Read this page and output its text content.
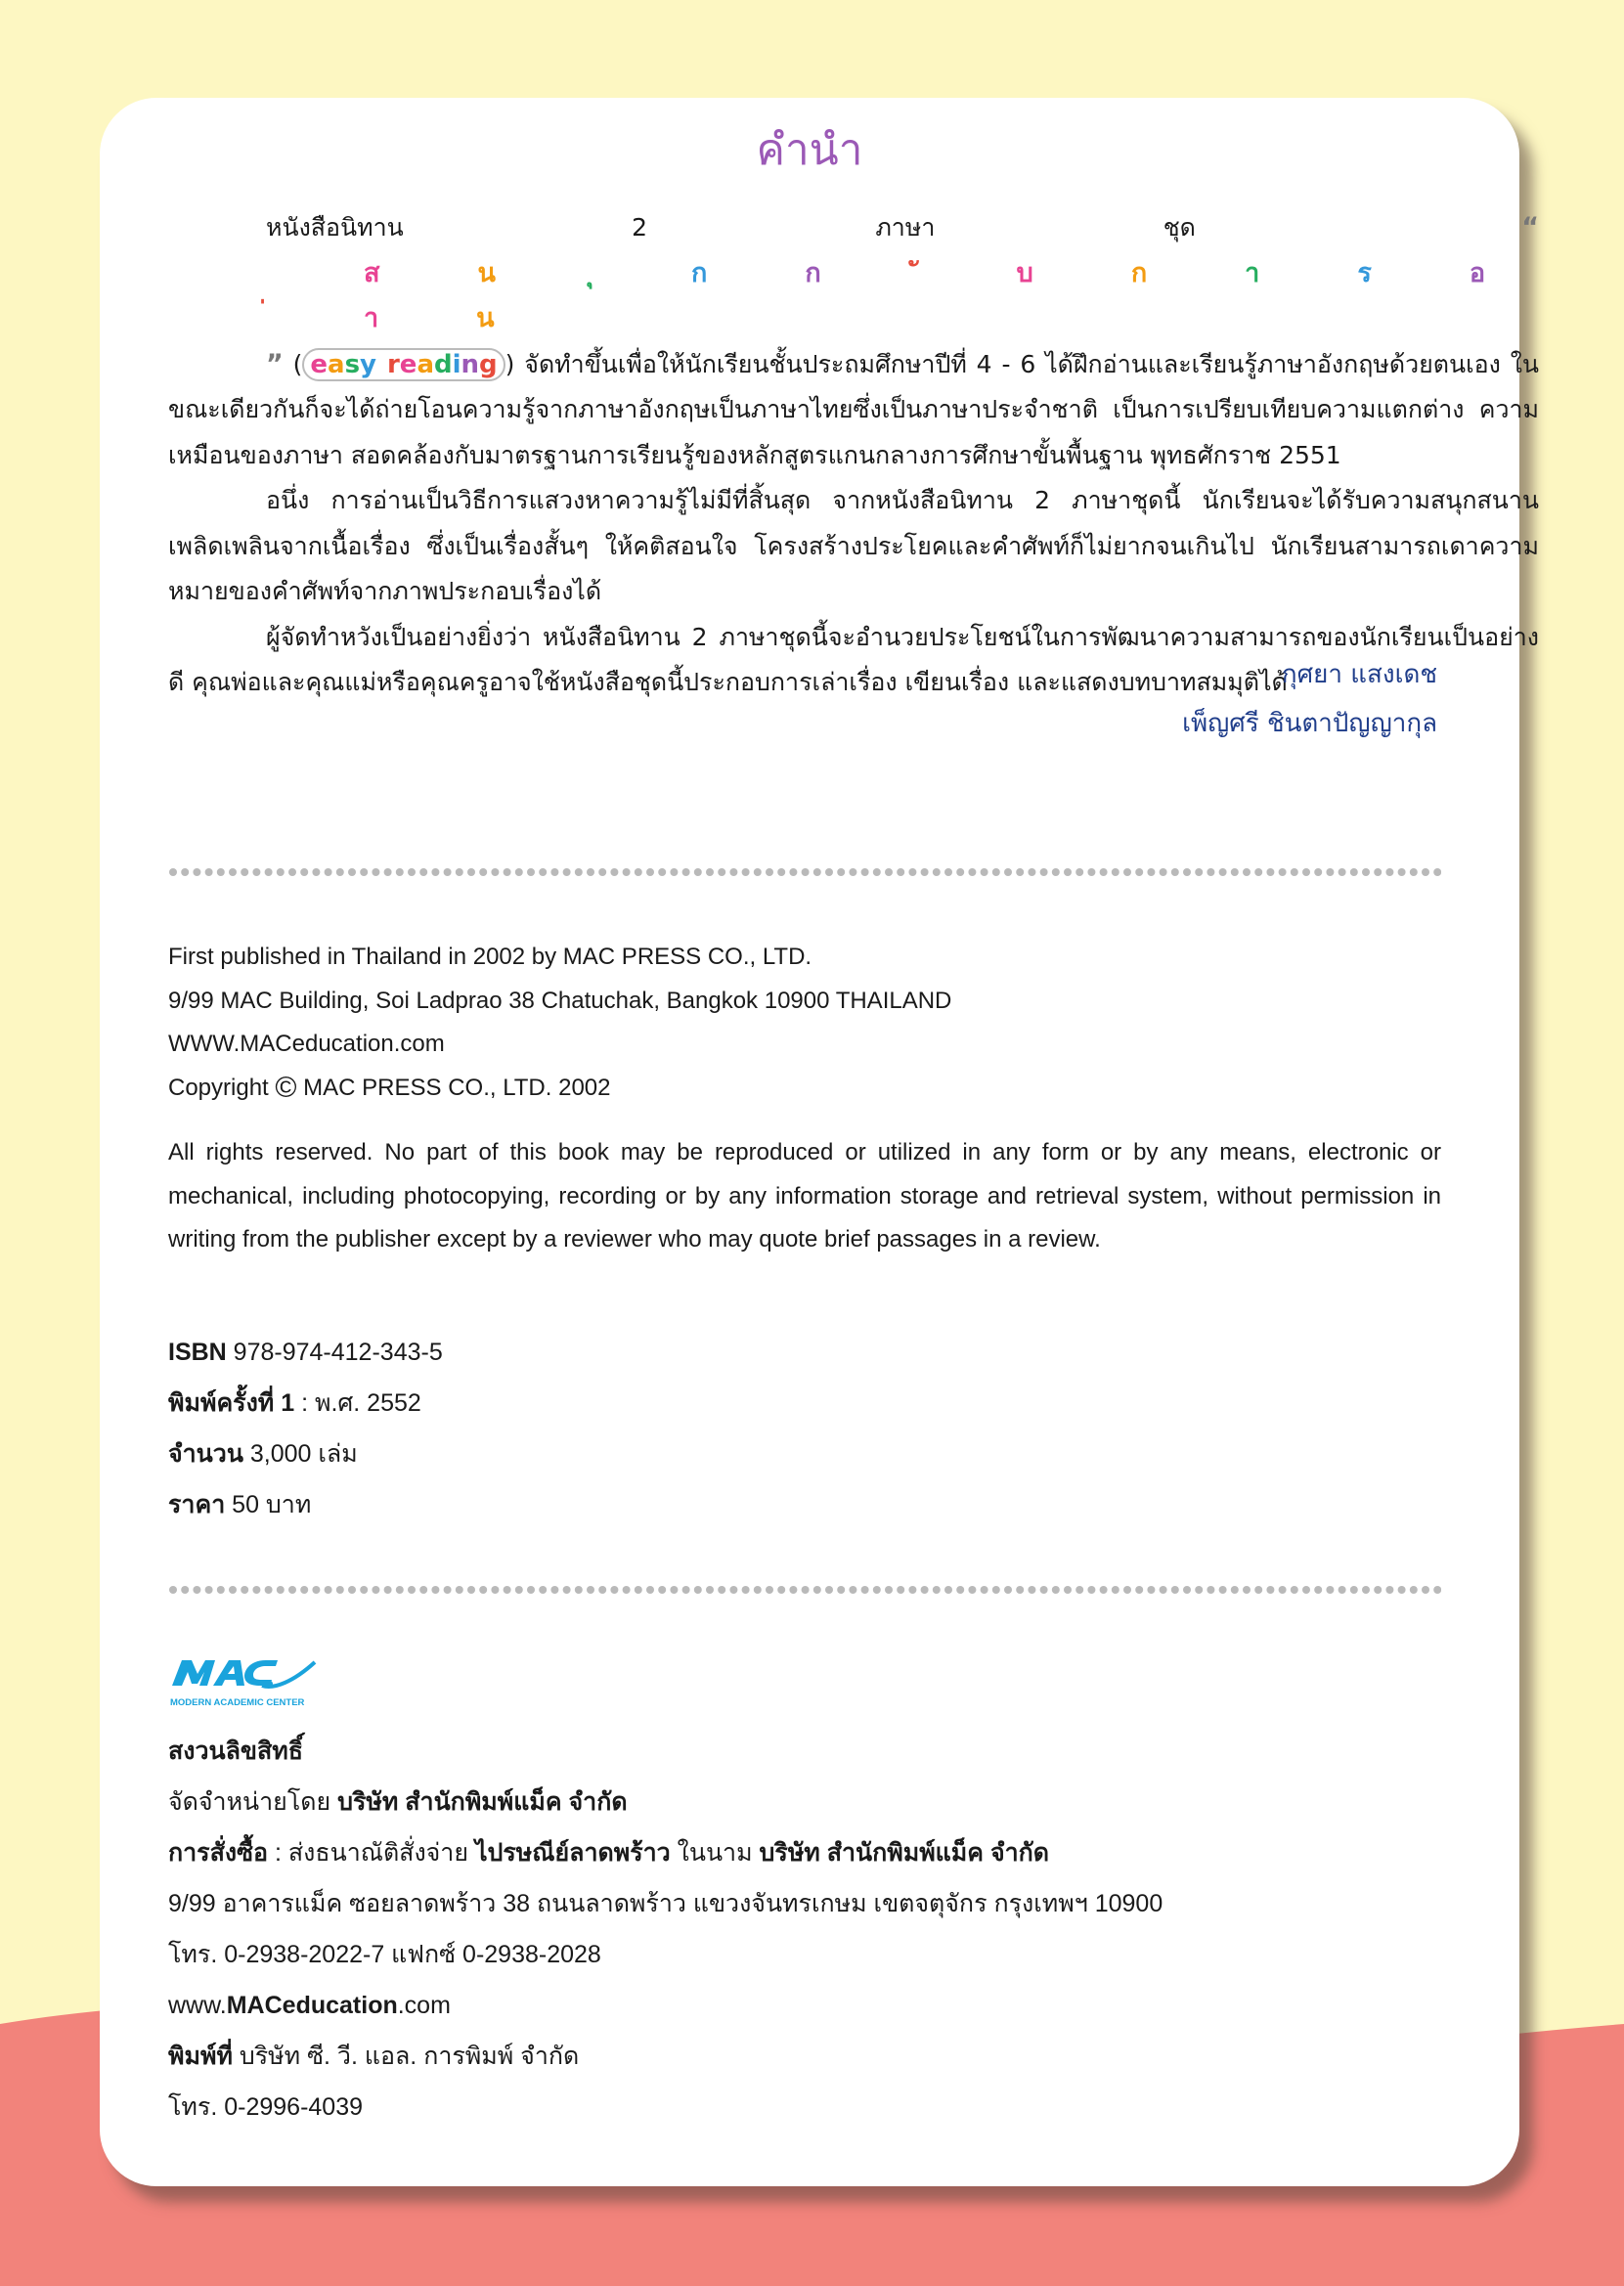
คำนำ

หนังสือนิทาน 2 ภาษา ชุด	“ส	น	ก	ก	บ	ก	า	ร	อา	น” ( easy reading ) จัดทำขึ้นเพื่อให้นักเรียนชั้นประถมศึกษาปีที่ 4 - 6 ได้ฝึกอ่านและเรียนรู้ภาษาอังกฤษด้วยตนเอง ในขณะเดียวกันก็จะได้ถ่ายโอนความรู้จากภาษาอังกฤษเป็นภาษาไทยซึ่งเป็นภาษาประจำชาติ เป็นการเปรียบเทียบความแตกต่าง ความเหมือนของภาษา สอดคล้องกับมาตรฐานการเรียนรู้ของหลักสูตรแกนกลางการศึกษาขั้นพื้นฐาน พุทธศักราช 2551

อนึ่ง การอ่านเป็นวิธีการแสวงหาความรู้ไม่มีที่สิ้นสุด จากหนังสือนิทาน 2 ภาษาชุดนี้ นักเรียนจะได้รับความสนุกสนานเพลิดเพลินจากเนื้อเรื่อง ซึ่งเป็นเรื่องสั้นๆ ให้คติสอนใจ โครงสร้างประโยคและคำศัพท์ก็ไม่ยากจนเกินไป นักเรียนสามารถเดาความหมายของคำศัพท์จากภาพประกอบเรื่องได้

ผู้จัดทำหวังเป็นอย่างยิ่งว่า หนังสือนิทาน 2 ภาษาชุดนี้จะอำนวยประโยชน์ในการพัฒนาความสามารถของนักเรียนเป็นอย่างดี คุณพ่อและคุณแม่หรือคุณครูอาจใช้หนังสือชุดนี้ประกอบการเล่าเรื่อง เขียนเรื่อง และแสดงบทบาทสมมุติได้

กุศยา แสงเดช
เพ็ญศรี ชินตาปัญญากุล
First published in Thailand in 2002 by MAC PRESS CO., LTD.
9/99 MAC Building, Soi Ladprao 38 Chatuchak, Bangkok 10900 THAILAND
WWW.MACeducation.com
Copyright © MAC PRESS CO., LTD. 2002
All rights reserved. No part of this book may be reproduced or utilized in any form or by any means, electronic or mechanical, including photocopying, recording or by any information storage and retrieval system, without permission in writing from the publisher except by a reviewer who may quote brief passages in a review.
ISBN 978-974-412-343-5
พิมพ์ครั้งที่ 1 : พ.ศ. 2552
จำนวน 3,000 เล่ม
ราคา 50 บาท
MODERN ACADEMIC CENTER
สงวนลิขสิทธิ์
จัดจำหน่ายโดย บริษัท สำนักพิมพ์แม็ค จำกัด
การสั่งซื้อ : ส่งธนาณัติสั่งจ่าย ไปรษณีย์ลาดพร้าว ในนาม บริษัท สำนักพิมพ์แม็ค จำกัด
9/99 อาคารแม็ค ซอยลาดพร้าว 38 ถนนลาดพร้าว แขวงจันทรเกษม เขตจตุจักร กรุงเทพฯ 10900
โทร. 0-2938-2022-7 แฟกซ์ 0-2938-2028
www.MACeducation.com
พิมพ์ที่ บริษัท ซี. วี. แอล. การพิมพ์ จำกัด
โทร. 0-2996-4039
